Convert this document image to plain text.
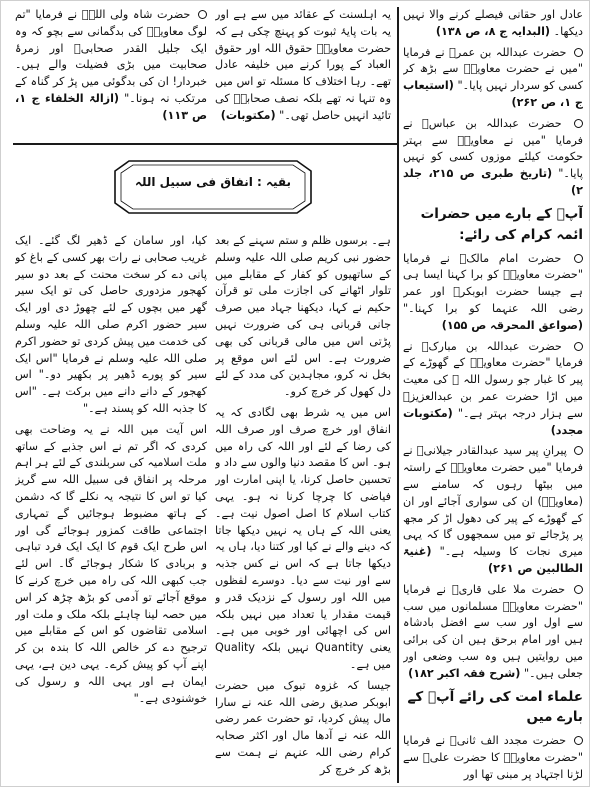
عادل اور حقانی فیصلے کرنے والا نہیں دیکھا۔ (البدایہ ج ۸، ص ۱۳۸)
حضرت عبداللہ بن عمرؓ نے فرمایا "میں نے حضرت معاویہؓ سے بڑھ کر کسی کو سردار نہیں پایا۔" (استیعاب ج ۱، ص ۲۶۲)
حضرت عبداللہ بن عباسؓ نے فرمایا "میں نے معاویہؓ سے بہتر حکومت کیلئے موزوں کسی کو نہیں پایا۔" (تاریخ طبری ص ۲۱۵، جلد ۲)
آپؓ کے بارے میں حضرات ائمہ کرام کی رائے:
حضرت امام مالکؒ نے فرمایا "حضرت معاویہؓ کو برا کہنا ایسا ہی ہے جیسا حضرت ابوبکرؓ اور عمر رضی اللہ عنہما کو برا کہنا۔" (صواعق المحرقہ ص ۱۵۵)
حضرت عبداللہ بن مبارکؒ نے فرمایا "حضرت معاویہؓ کے گھوڑے کے پیر کا غبار جو رسول اللہ ﷺ کی معیت میں اڑا حضرت عمر بن عبدالعزیزؒ سے ہزار درجہ بہتر ہے۔" (مکتوبات مجدد)
پیرانِ پیر سید عبدالقادر جیلانیؒ نے فرمایا "میں حضرت معاویہؓ کے راستہ میں بیٹھا رہوں کہ سامنے سے (معاویہؓ) ان کی سواری آجائے اور ان کے گھوڑے کے پیر کی دھول اڑ کر مجھ پر پڑجائے تو میں سمجھوں گا کہ یہی میری نجات کا وسیلہ ہے۔" (غنیۃ الطالبین ص ۲۶۱)
حضرت ملا علی قاریؒ نے فرمایا "حضرت معاویہؓ مسلمانوں میں سب سے اول اور سب سے افضل بادشاہ ہیں اور امام برحق ہیں ان کی برائی میں روایتیں ہیں وہ سب وضعی اور جعلی ہیں۔" (شرح فقہ اکبر ۱۸۲)
علماء امت کی رائے آپؓ کے بارے میں
حضرت مجدد الف ثانیؒ نے فرمایا "حضرت معاویہؓ کا حضرت علیؓ سے لڑنا اجتہاد پر مبنی تھا اور
یہ اہلسنت کے عقائد میں سے ہے اور یہ بات پایۂ ثبوت کو پہنچ چکی ہے کہ حضرت معاویہؓ حقوق اللہ اور حقوق العباد کے پورا کرنے میں خلیفہ عادل تھے۔ رہا اختلاف کا مسئلہ تو اس میں وہ تنہا نہ تھے بلکہ نصف صحابہؓ کی تائید انہیں حاصل تھی۔" (مکتوبات)
حضرت شاہ ولی اللہؒ نے فرمایا "تم لوگ معاویہؓ کی بدگمانی سے بچو کہ وہ ایک جلیل القدر صحابیؓ اور زمرۂ صحابیت میں بڑی فضیلت والے ہیں۔ خبردار! ان کی بدگوئی میں پڑ کر گناہ کے مرتکب نہ ہونا۔" (ازالۃ الخلفاء ج ۱، ص ۱۱۳)
بقیہ : انفاق فی سبیل اللہ

ہے۔ برسوں ظلم و ستم سہنے کے بعد حضور نبی کریم صلی اللہ علیہ وسلم کے ساتھیوں کو کفار کے مقابلے میں تلوار اٹھانے کی اجازت ملی تو قرآن حکیم نے کہا، دیکھنا جہاد میں صرف جانی قربانی ہی کی ضرورت نہیں پڑتی اس میں مالی قربانی کی بھی ضرورت ہے۔ اس لئے اس موقع پر بخل نہ کرو، مجاہدین کی مدد کے لئے دل کھول کر خرچ کرو۔

اس میں یہ شرط بھی لگادی کہ یہ انفاق اور خرچ صرف اور صرف اللہ کی رضا کے لئے اور اللہ کی راہ میں ہو۔ اس کا مقصد دنیا والوں سے داد و تحسین حاصل کرنا، یا اپنی امارت اور فیاضی کا چرچا کرنا نہ ہو۔ یہی کتاب اسلام کا اصل اصول نیت ہے۔ یعنی اللہ کے ہاں یہ نہیں دیکھا جاتا کہ دینے والے نے کیا اور کتنا دیا، ہاں یہ دیکھا جاتا ہے کہ اس نے کس جذبہ سے اور نیت سے دیا۔ دوسرے لفظوں میں اللہ اور رسول کے نزدیک قدر و قیمت مقدار یا تعداد میں نہیں بلکہ اس کی اچھائی اور خوبی میں ہے۔ یعنی Quantity نہیں بلکہ Quality میں ہے۔

جیسا کہ غزوہ تبوک میں حضرت ابوبکر صدیق رضی اللہ عنہ نے سارا مال پیش کردیا، تو حضرت عمر رضی اللہ عنہ نے آدھا مال اور اکثر صحابہ کرام رضی اللہ عنہم نے ہمت سے بڑھ کر خرچ کر

کیا، اور سامان کے ڈھیر لگ گئے۔ ایک غریب صحابی نے رات بھر کسی کے باغ کو پانی دے کر سخت محنت کے بعد دو سیر کھجور مزدوری حاصل کی تو ایک سیر گھر میں بچوں کے لئے چھوڑ دی اور ایک سیر حضور اکرم صلی اللہ علیہ وسلم کی خدمت میں پیش کردی تو حضور اکرم صلی اللہ علیہ وسلم نے فرمایا "اس ایک سیر کو پورے ڈھیر پر بکھیر دو۔" اس کھجور کے دانے دانے میں برکت ہے۔ "اس کا جذبہ اللہ کو پسند ہے۔"

اس آیت میں اللہ نے یہ وضاحت بھی کردی کہ اگر تم نے اس جذبے کے ساتھ ملت اسلامیہ کی سربلندی کے لئے ہر اہم مرحلہ پر انفاق فی سبیل اللہ سے گریز کیا تو اس کا نتیجہ یہ نکلے گا کہ دشمن کے ہاتھ مضبوط ہوجائیں گے تمہاری اجتماعی طاقت کمزور ہوجائے گی اور اس طرح ایک قوم کا ایک ایک فرد تباہی و بربادی کا شکار ہوجائے گا۔ اس لئے جب کبھی اللہ کی راہ میں خرچ کرنے کا موقع آجائے تو آدمی کو بڑھ چڑھ کر اس میں حصہ لینا چاہئے بلکہ ملک و ملت اور اسلامی تقاضوں کو اس کے مقابلے میں ترجیح دے کر خالص اللہ کا بندہ بن کر اپنے آپ کو پیش کرے۔ یہی دین ہے، یہی ایمان ہے اور یہی اللہ و رسول کی خوشنودی ہے۔"
